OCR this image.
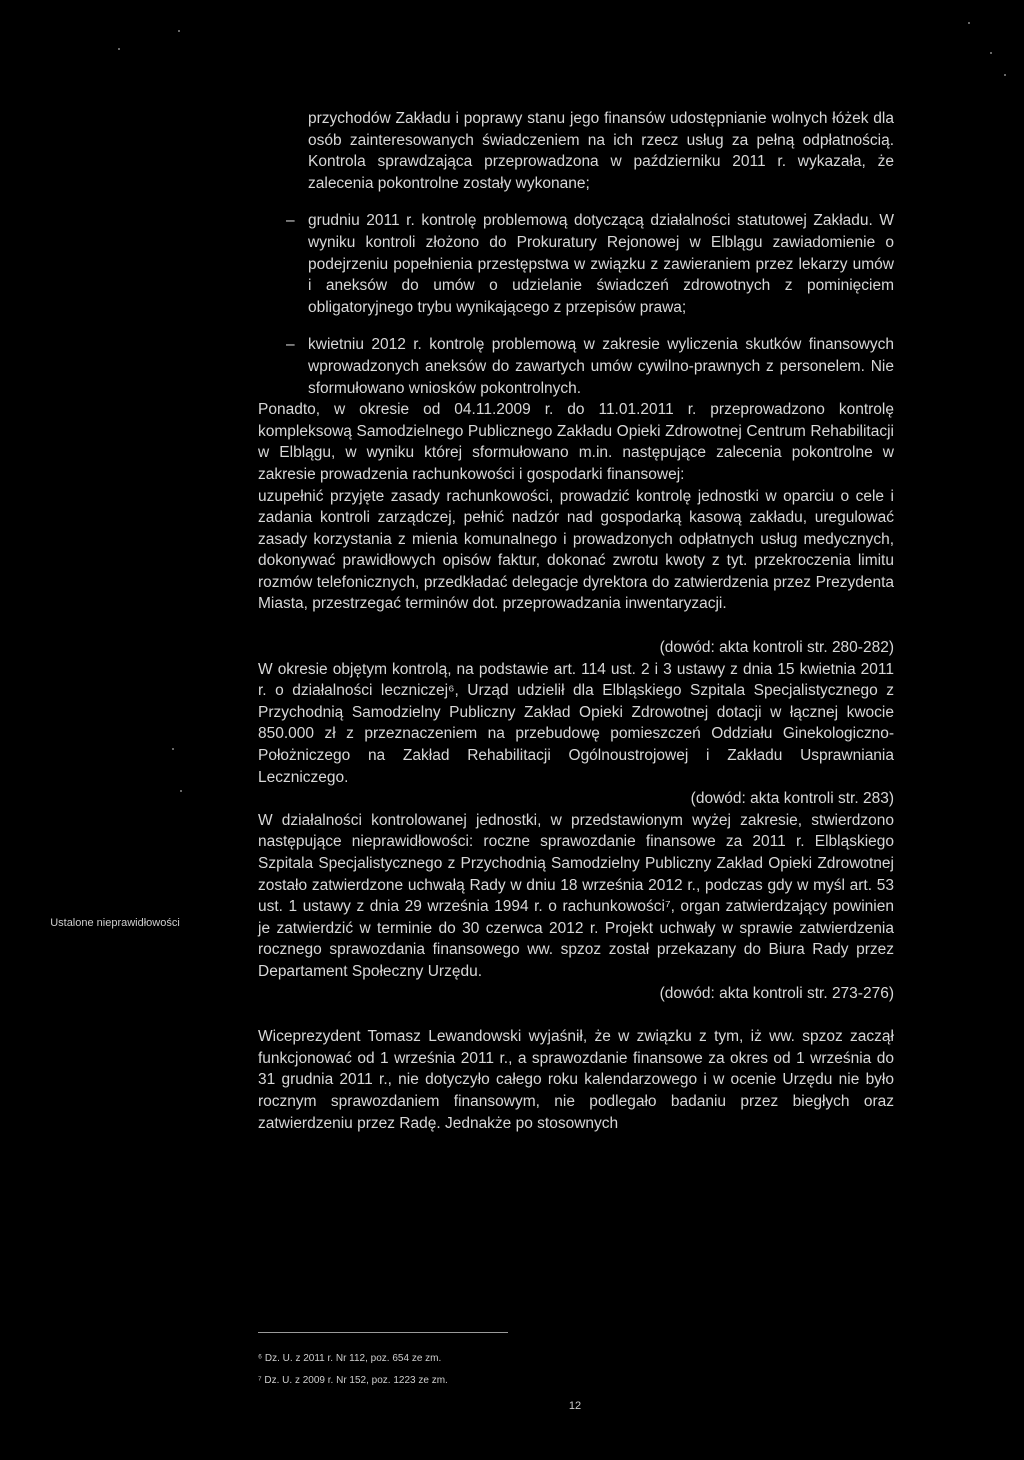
przychodów Zakładu i poprawy stanu jego finansów udostępnianie wolnych łóżek dla osób zainteresowanych świadczeniem na ich rzecz usług za pełną odpłatnością. Kontrola sprawdzająca przeprowadzona w październiku 2011 r. wykazała, że zalecenia pokontrolne zostały wykonane;

– grudniu 2011 r. kontrolę problemową dotyczącą działalności statutowej Zakładu. W wyniku kontroli złożono do Prokuratury Rejonowej w Elblągu zawiadomienie o podejrzeniu popełnienia przestępstwa w związku z zawieraniem przez lekarzy umów i aneksów do umów o udzielanie świadczeń zdrowotnych z pominięciem obligatoryjnego trybu wynikającego z przepisów prawa;

– kwietniu 2012 r. kontrolę problemową w zakresie wyliczenia skutków finansowych wprowadzonych aneksów do zawartych umów cywilno-prawnych z personelem. Nie sformułowano wniosków pokontrolnych.

Ponadto, w okresie od 04.11.2009 r. do 11.01.2011 r. przeprowadzono kontrolę kompleksową Samodzielnego Publicznego Zakładu Opieki Zdrowotnej Centrum Rehabilitacji w Elblągu, w wyniku której sformułowano m.in. następujące zalecenia pokontrolne w zakresie prowadzenia rachunkowości i gospodarki finansowej:

uzupełnić przyjęte zasady rachunkowości, prowadzić kontrolę jednostki w oparciu o cele i zadania kontroli zarządczej, pełnić nadzór nad gospodarką kasową zakładu, uregulować zasady korzystania z mienia komunalnego i prowadzonych odpłatnych usług medycznych, dokonywać prawidłowych opisów faktur, dokonać zwrotu kwoty z tyt. przekroczenia limitu rozmów telefonicznych, przedkładać delegacje dyrektora do zatwierdzenia przez Prezydenta Miasta, przestrzegać terminów dot. przeprowadzania inwentaryzacji.

(dowód: akta kontroli str. 280-282)

W okresie objętym kontrolą, na podstawie art. 114 ust. 2 i 3 ustawy z dnia 15 kwietnia 2011 r. o działalności leczniczej⁶, Urząd udzielił dla Elbląskiego Szpitala Specjalistycznego z Przychodnią Samodzielny Publiczny Zakład Opieki Zdrowotnej dotacji w łącznej kwocie 850.000 zł z przeznaczeniem na przebudowę pomieszczeń Oddziału Ginekologiczno-Położniczego na Zakład Rehabilitacji Ogólnoustrojowej i Zakładu Usprawniania Leczniczego.

(dowód: akta kontroli str. 283)

W działalności kontrolowanej jednostki, w przedstawionym wyżej zakresie, stwierdzono następujące nieprawidłowości: roczne sprawozdanie finansowe za 2011 r. Elbląskiego Szpitala Specjalistycznego z Przychodnią Samodzielny Publiczny Zakład Opieki Zdrowotnej zostało zatwierdzone uchwałą Rady w dniu 18 września 2012 r., podczas gdy w myśl art. 53 ust. 1 ustawy z dnia 29 września 1994 r. o rachunkowości⁷, organ zatwierdzający powinien je zatwierdzić w terminie do 30 czerwca 2012 r. Projekt uchwały w sprawie zatwierdzenia rocznego sprawozdania finansowego ww. spzoz został przekazany do Biura Rady przez Departament Społeczny Urzędu.

(dowód: akta kontroli str. 273-276)

Wiceprezydent Tomasz Lewandowski wyjaśnił, że w związku z tym, iż ww. spzoz zaczął funkcjonować od 1 września 2011 r., a sprawozdanie finansowe za okres od 1 września do 31 grudnia 2011 r., nie dotyczyło całego roku kalendarzowego i w ocenie Urzędu nie było rocznym sprawozdaniem finansowym, nie podlegało badaniu przez biegłych oraz zatwierdzeniu przez Radę. Jednakże po stosownych

Ustalone nieprawidłowości

⁶ Dz. U. z 2011 r. Nr 112, poz. 654 ze zm.

⁷ Dz. U. z 2009 r. Nr 152, poz. 1223 ze zm.

12
